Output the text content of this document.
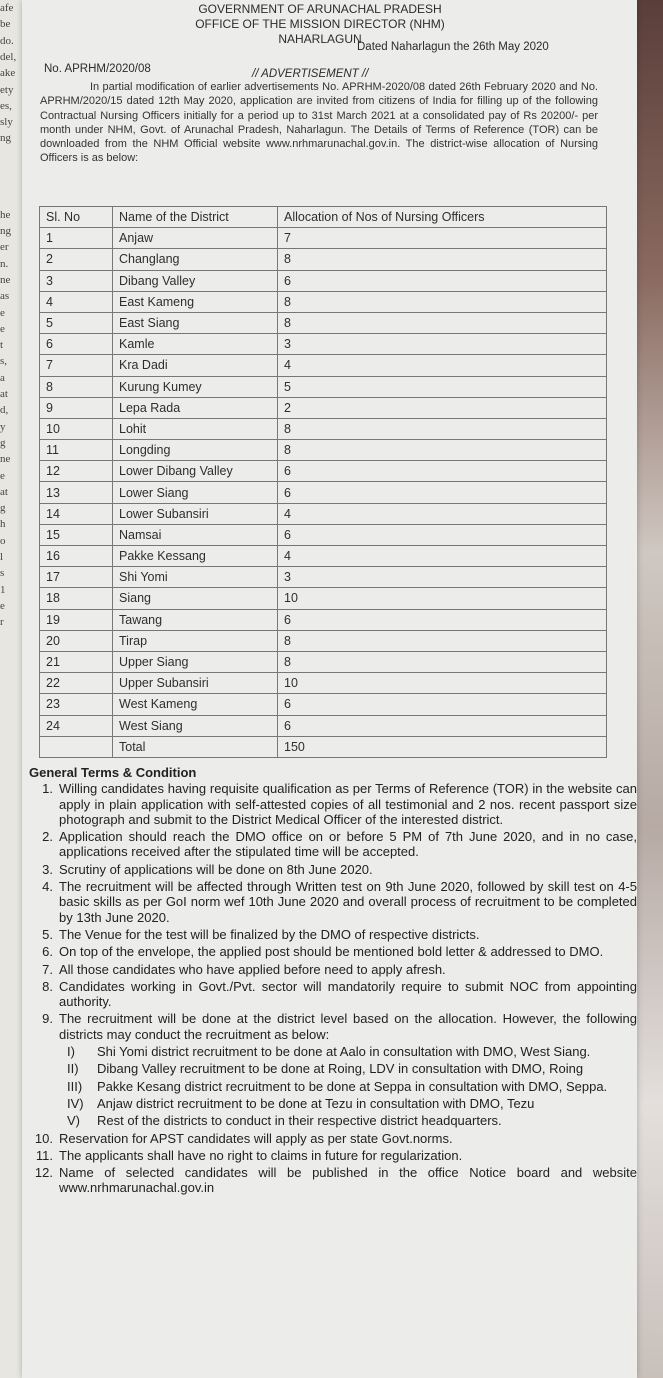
afe
be
do.
del,
ake
ety
es,
sly
ng
he
ng
er
n.
ne
as
e
e
t
s,
a
at
d,
y
g
ne
e
at
g
h
o
l
s
1
e
r
GOVERNMENT OF ARUNACHAL PRADESH
OFFICE OF THE MISSION DIRECTOR (NHM)
NAHARLAGUN
No. APRHM/2020/08
Dated Naharlagun the 26th May 2020
// ADVERTISEMENT //
In partial modification of earlier advertisements No. APRHM-2020/08 dated 26th February 2020 and No. APRHM/2020/15 dated 12th May 2020, application are invited from citizens of India for filling up of the following Contractual Nursing Officers initially for a period up to 31st March 2021 at a consolidated pay of Rs 20200/- per month under NHM, Govt. of Arunachal Pradesh, Naharlagun. The Details of Terms of Reference (TOR) can be downloaded from the NHM Official website www.nrhmarunachal.gov.in. The district-wise allocation of Nursing Officers is as below:
Sl. No	Name of the District	Allocation of Nos of Nursing Officers
1	Anjaw	7
2	Changlang	8
3	Dibang Valley	6
4	East Kameng	8
5	East Siang	8
6	Kamle	3
7	Kra Dadi	4
8	Kurung Kumey	5
9	Lepa Rada	2
10	Lohit	8
11	Longding	8
12	Lower Dibang Valley	6
13	Lower Siang	6
14	Lower Subansiri	4
15	Namsai	6
16	Pakke Kessang	4
17	Shi Yomi	3
18	Siang	10
19	Tawang	6
20	Tirap	8
21	Upper Siang	8
22	Upper Subansiri	10
23	West Kameng	6
24	West Siang	6
	Total	150
General Terms & Condition
1. Willing candidates having requisite qualification as per Terms of Reference (TOR) in the website can apply in plain application with self-attested copies of all testimonial and 2 nos. recent passport size photograph and submit to the District Medical Officer of the interested district.
2. Application should reach the DMO office on or before 5 PM of 7th June 2020, and in no case, applications received after the stipulated time will be accepted.
3. Scrutiny of applications will be done on 8th June 2020.
4. The recruitment will be affected through Written test on 9th June 2020, followed by skill test on 4-5 basic skills as per GoI norm wef 10th June 2020 and overall process of recruitment to be completed by 13th June 2020.
5. The Venue for the test will be finalized by the DMO of respective districts.
6. On top of the envelope, the applied post should be mentioned bold letter & addressed to DMO.
7. All those candidates who have applied before need to apply afresh.
8. Candidates working in Govt./Pvt. sector will mandatorily require to submit NOC from appointing authority.
9. The recruitment will be done at the district level based on the allocation. However, the following districts may conduct the recruitment as below:
I)	Shi Yomi district recruitment to be done at Aalo in consultation with DMO, West Siang.
II)	Dibang Valley recruitment to be done at Roing, LDV in consultation with DMO, Roing
III)	Pakke Kesang district recruitment to be done at Seppa in consultation with DMO, Seppa.
IV)	Anjaw district recruitment to be done at Tezu in consultation with DMO, Tezu
V)	Rest of the districts to conduct in their respective district headquarters.
10. Reservation for APST candidates will apply as per state Govt.norms.
11. The applicants shall have no right to claims in future for regularization.
12. Name of selected candidates will be published in the office Notice board and website www.nrhmarunachal.gov.in
